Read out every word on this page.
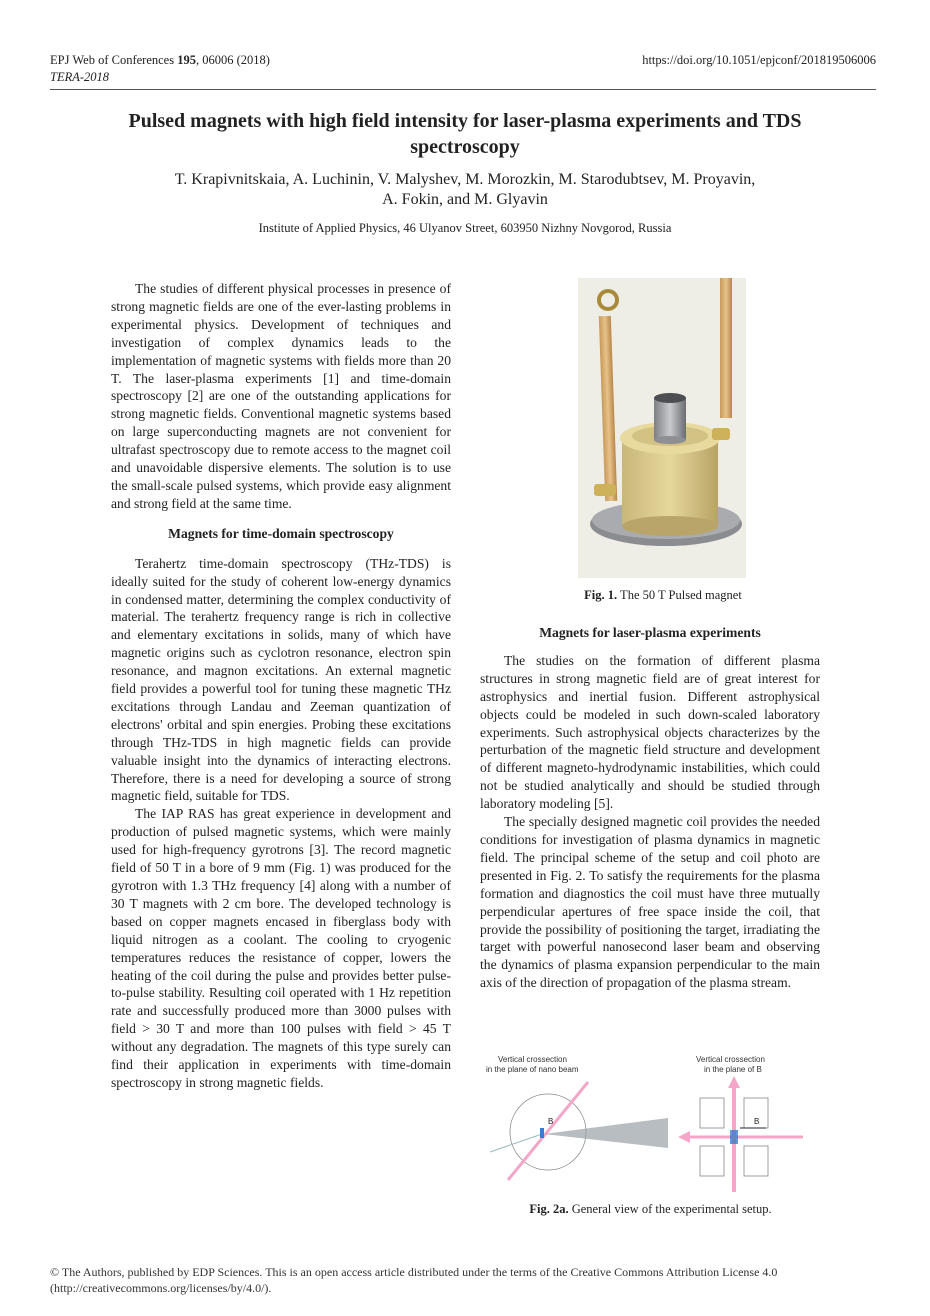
EPJ Web of Conferences 195, 06006 (2018)
TERA-2018
https://doi.org/10.1051/epjconf/201819506006
Pulsed magnets with high field intensity for laser-plasma experiments and TDS spectroscopy
T. Krapivnitskaia, A. Luchinin, V. Malyshev, M. Morozkin, M. Starodubtsev, M. Proyavin,
A. Fokin, and M. Glyavin
Institute of Applied Physics, 46 Ulyanov Street, 603950 Nizhny Novgorod, Russia

The studies of different physical processes in presence of strong magnetic fields are one of the ever-lasting problems in experimental physics. Development of techniques and investigation of complex dynamics leads to the implementation of magnetic systems with fields more than 20 T. The laser-plasma experiments [1] and time-domain spectroscopy [2] are one of the outstanding applications for strong magnetic fields. Conventional magnetic systems based on large superconducting magnets are not convenient for ultrafast spectroscopy due to remote access to the magnet coil and unavoidable dispersive elements. The solution is to use the small-scale pulsed systems, which provide easy alignment and strong field at the same time.

Magnets for time-domain spectroscopy

Terahertz time-domain spectroscopy (THz-TDS) is ideally suited for the study of coherent low-energy dynamics in condensed matter, determining the complex conductivity of material. The terahertz frequency range is rich in collective and elementary excitations in solids, many of which have magnetic origins such as cyclotron resonance, electron spin resonance, and magnon excitations. An external magnetic field provides a powerful tool for tuning these magnetic THz excitations through Landau and Zeeman quantization of electrons' orbital and spin energies. Probing these excitations through THz-TDS in high magnetic fields can provide valuable insight into the dynamics of interacting electrons. Therefore, there is a need for developing a source of strong magnetic field, suitable for TDS.

The IAP RAS has great experience in development and production of pulsed magnetic systems, which were mainly used for high-frequency gyrotrons [3]. The record magnetic field of 50 T in a bore of 9 mm (Fig. 1) was produced for the gyrotron with 1.3 THz frequency [4] along with a number of 30 T magnets with 2 cm bore. The developed technology is based on copper magnets encased in fiberglass body with liquid nitrogen as a coolant. The cooling to cryogenic temperatures reduces the resistance of copper, lowers the heating of the coil during the pulse and provides better pulse-to-pulse stability. Resulting coil operated with 1 Hz repetition rate and successfully produced more than 3000 pulses with field > 30 T and more than 100 pulses with field > 45 T without any degradation. The magnets of this type surely can find their application in experiments with time-domain spectroscopy in strong magnetic fields.

Fig. 1. The 50 T Pulsed magnet
Magnets for laser-plasma experiments

The studies on the formation of different plasma structures in strong magnetic field are of great interest for astrophysics and inertial fusion. Different astrophysical objects could be modeled in such down-scaled laboratory experiments. Such astrophysical objects characterizes by the perturbation of the magnetic field structure and development of different magneto-hydrodynamic instabilities, which could not be studied analytically and should be studied through laboratory modeling [5].

The specially designed magnetic coil provides the needed conditions for investigation of plasma dynamics in magnetic field. The principal scheme of the setup and coil photo are presented in Fig. 2. To satisfy the requirements for the plasma formation and diagnostics the coil must have three mutually perpendicular apertures of free space inside the coil, that provide the possibility of positioning the target, irradiating the target with powerful nanosecond laser beam and observing the dynamics of plasma expansion perpendicular to the main axis of the direction of propagation of the plasma stream.

Vertical crossection
in the plane of nano beam
Vertical crossection
in the plane of B
B	B
Fig. 2a. General view of the experimental setup.
© The Authors, published by EDP Sciences. This is an open access article distributed under the terms of the Creative Commons Attribution License 4.0
(http://creativecommons.org/licenses/by/4.0/).
